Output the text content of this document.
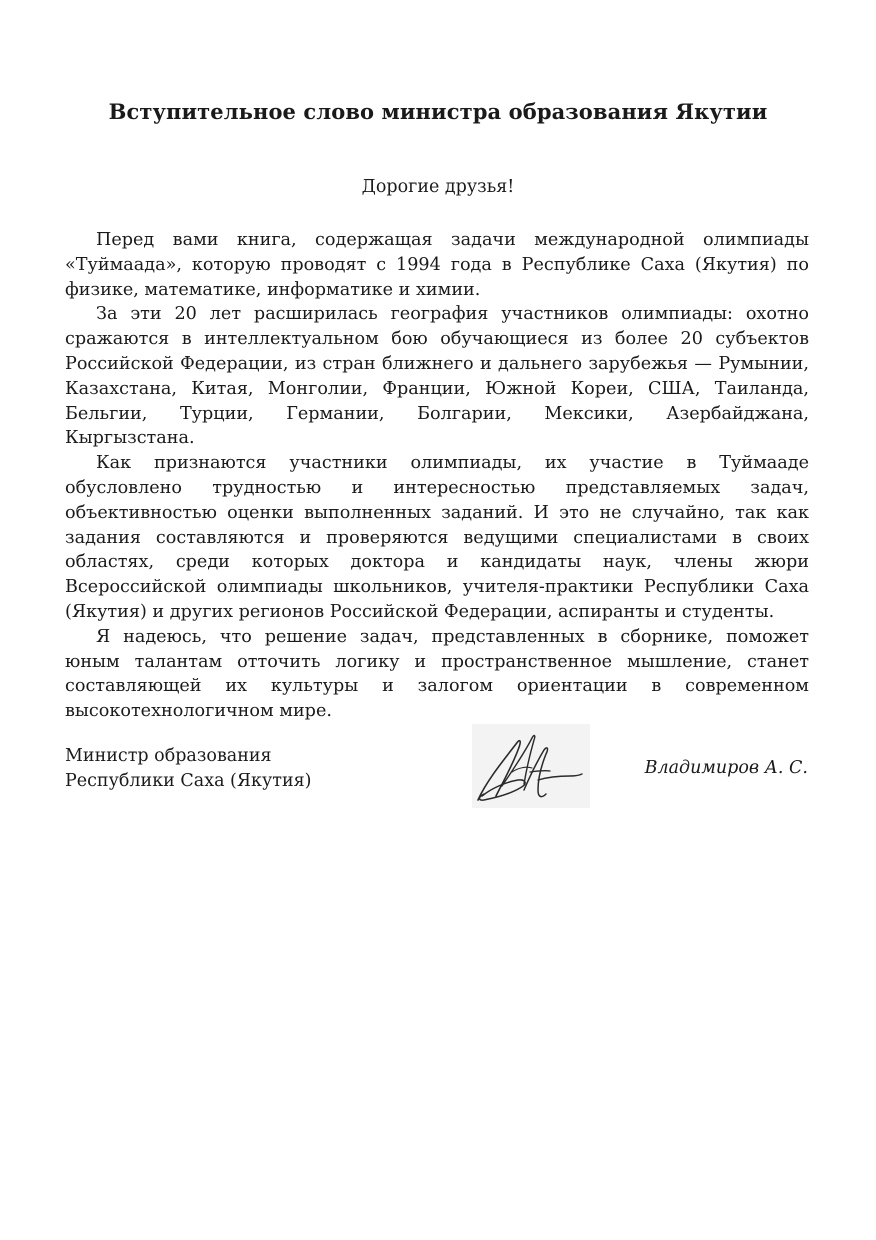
Вступительное слово министра образования Якутии

Дорогие друзья!

Перед вами книга, содержащая задачи международной олимпиады «Туймаада», которую проводят с 1994 года в Республике Саха (Якутия) по физике, математике, информатике и химии.

За эти 20 лет расширилась география участников олимпиады: охотно сражаются в интеллектуальном бою обучающиеся из более 20 субъектов Российской Федерации, из стран ближнего и дальнего зарубежья — Румынии, Казахстана, Китая, Монголии, Франции, Южной Кореи, США, Таиланда, Бельгии, Турции, Германии, Болгарии, Мексики, Азербайджана, Кыргызстана.

Как признаются участники олимпиады, их участие в Туймааде обусловлено трудностью и интересностью представляемых задач, объективностью оценки выполненных заданий. И это не случайно, так как задания составляются и проверяются ведущими специалистами в своих областях, среди которых доктора и кандидаты наук, члены жюри Всероссийской олимпиады школьников, учителя-практики Республики Саха (Якутия) и других регионов Российской Федерации, аспиранты и студенты.

Я надеюсь, что решение задач, представленных в сборнике, поможет юным талантам отточить логику и пространственное мышление, станет составляющей их культуры и залогом ориентации в современном высокотехнологичном мире.

Министр образования
Республики Саха (Якутия)
Владимиров А. С.
